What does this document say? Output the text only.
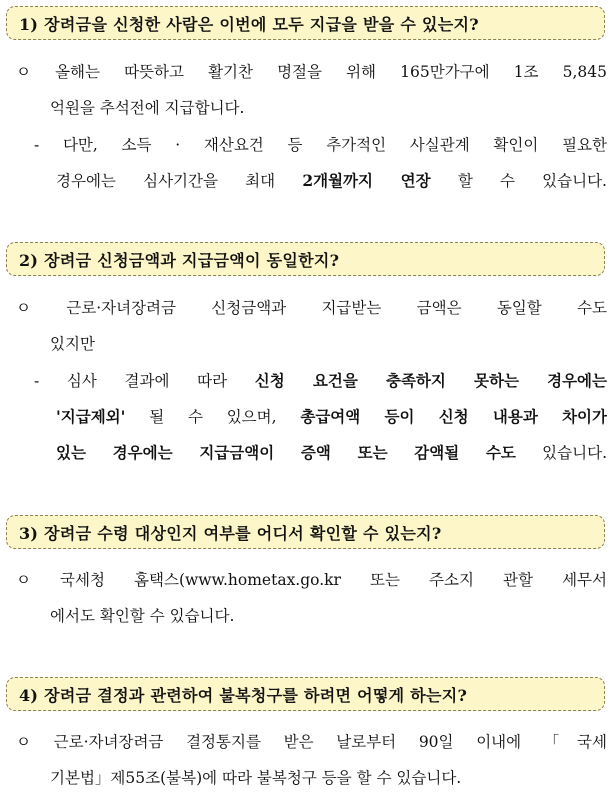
1) 장려금을 신청한 사람은 이번에 모두 지급을 받을 수 있는지?
ㅇ 올해는 따뜻하고 활기찬 명절을 위해 165만가구에 1조 5,845
억원을 추석전에 지급합니다.
- 다만, 소득 · 재산요건 등 추가적인 사실관계 확인이 필요한
경우에는 심사기간을 최대 2개월까지 연장 할 수 있습니다.
2) 장려금 신청금액과 지급금액이 동일한지?
ㅇ 근로·자녀장려금 신청금액과 지급받는 금액은 동일할 수도
있지만
- 심사 결과에 따라 신청 요건을 충족하지 못하는 경우에는
'지급제외' 될 수 있으며, 총급여액 등이 신청 내용과 차이가
있는 경우에는 지급금액이 증액 또는 감액될 수도 있습니다.
3) 장려금 수령 대상인지 여부를 어디서 확인할 수 있는지?
ㅇ 국세청 홈택스(www.hometax.go.kr 또는 주소지 관할 세무서
에서도 확인할 수 있습니다.
4) 장려금 결정과 관련하여 불복청구를 하려면 어떻게 하는지?
ㅇ 근로·자녀장려금 결정통지를 받은 날로부터 90일 이내에 「국세
기본법」제55조(불복)에 따라 불복청구 등을 할 수 있습니다.
